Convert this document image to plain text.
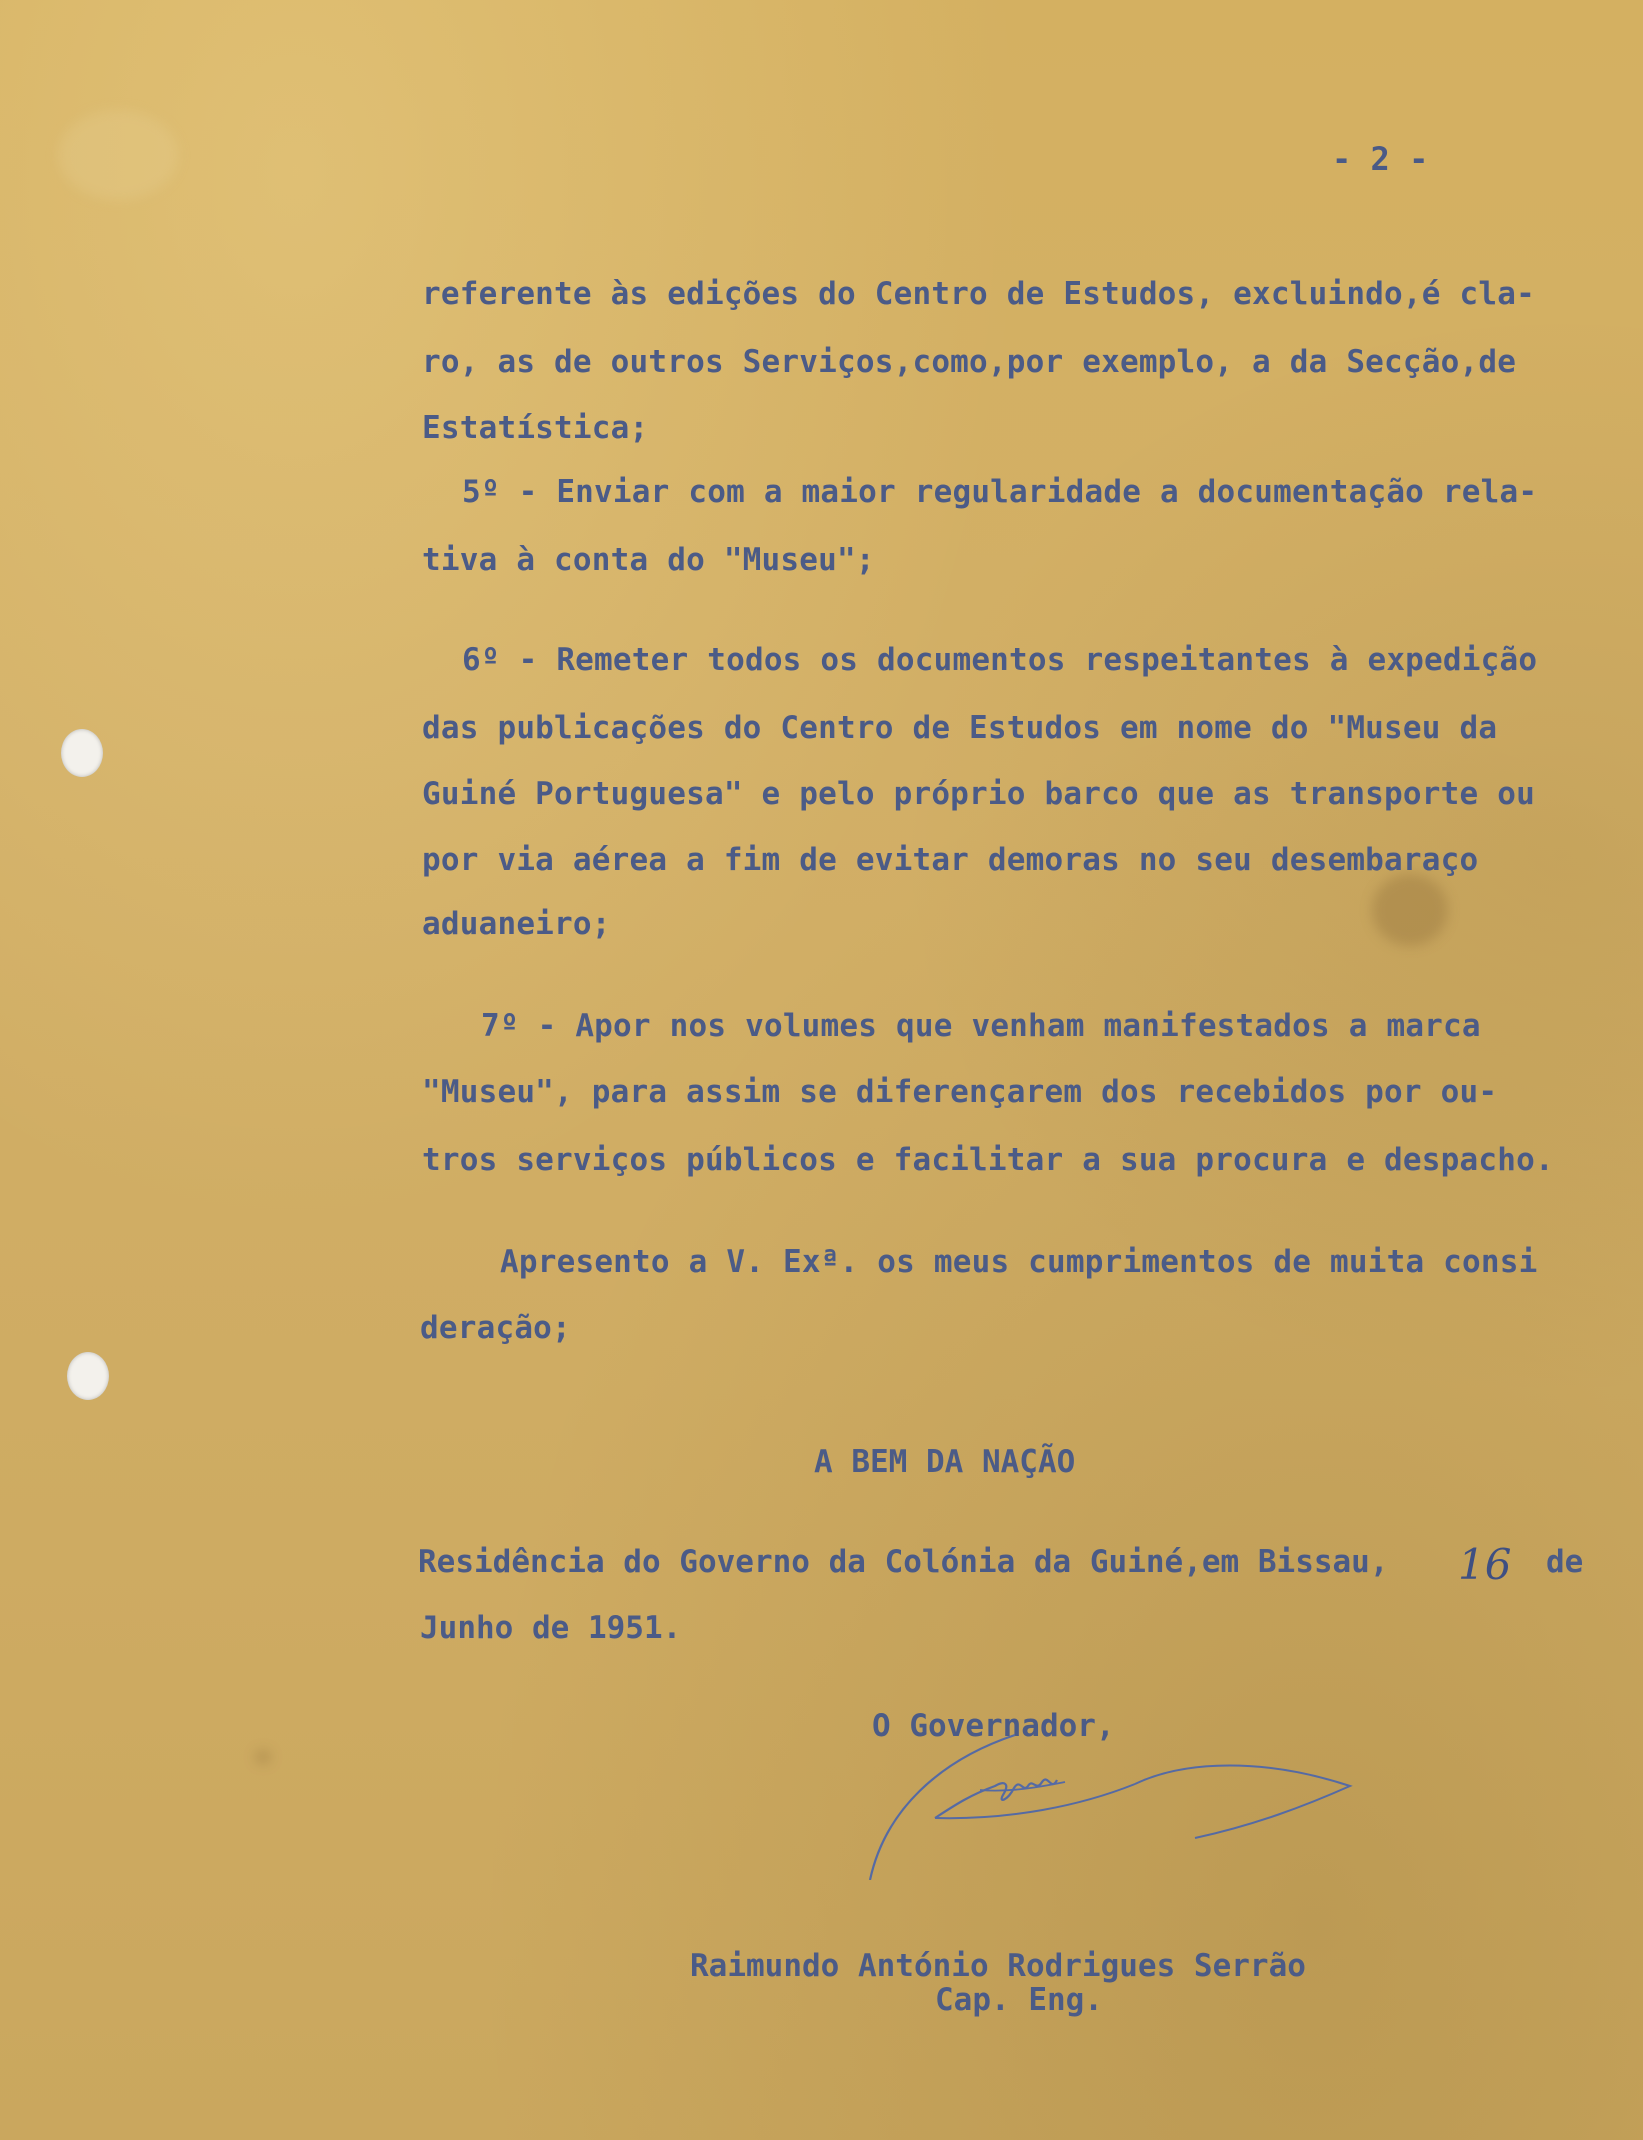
- 2 -
referente às edições do Centro de Estudos, excluindo,é cla-
ro, as de outros Serviços,como,por exemplo, a da Secção,de
Estatística;
5º - Enviar com a maior regularidade a documentação rela-
tiva à conta do "Museu";
6º - Remeter todos os documentos respeitantes à expedição
das publicações do Centro de Estudos em nome do "Museu da
Guiné Portuguesa" e pelo próprio barco que as transporte ou
por via aérea a fim de evitar demoras no seu desembaraço
aduaneiro;
7º - Apor nos volumes que venham manifestados a marca
"Museu", para assim se diferençarem dos recebidos por ou-
tros serviços públicos e facilitar a sua procura e despacho.
Apresento a V. Exª. os meus cumprimentos de muita consi
deração;
A BEM DA NAÇÃO
Residência do Governo da Colónia da Guiné,em Bissau, 16 de
Junho de 1951.
O Governador,
Raimundo António Rodrigues Serrão
Cap. Eng.
